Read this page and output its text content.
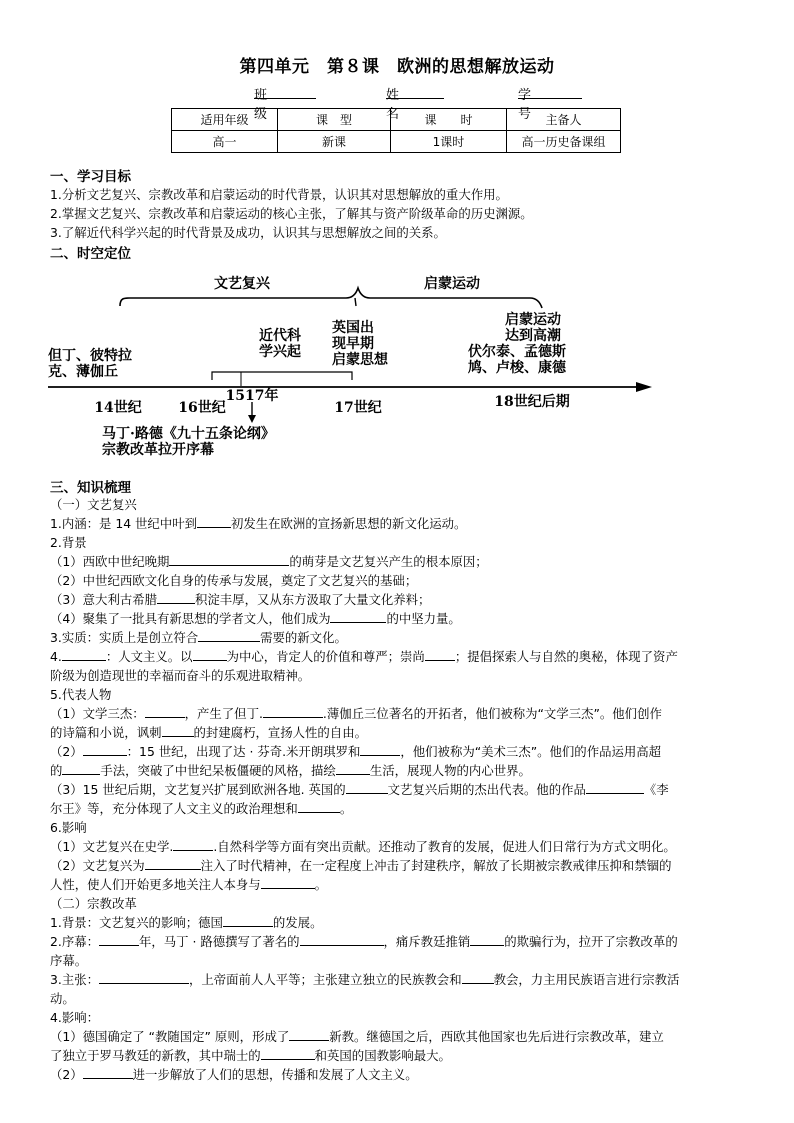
第四单元　第８课　欧洲的思想解放运动
班级
姓名
学号
适用年级	课　型	课　　时	主备人
高一	新课	1课时	高一历史备课组
一、学习目标
1.分析文艺复兴、宗教改革和启蒙运动的时代背景，认识其对思想解放的重大作用。
2.掌握文艺复兴、宗教改革和启蒙运动的核心主张，了解其与资产阶级革命的历史渊源。
3.了解近代科学兴起的时代背景及成功，认识其与思想解放之间的关系。
二、时空定位
文艺复兴	启蒙运动
启蒙运动
达到高潮
近代科
学兴起
英国出
现早期
启蒙思想
但丁、彼特拉
克、薄伽丘
伏尔泰、孟德斯
鸠、卢梭、康德
1517年
14世纪	16世纪	17世纪	18世纪后期
马丁·路德《九十五条论纲》
宗教改革拉开序幕
三、知识梳理
（一）文艺复兴
1.内涵：是 14 世纪中叶到	初发生在欧洲的宣扬新思想的新文化运动。
2.背景
（1）西欧中世纪晚期	的萌芽是文艺复兴产生的根本原因；
（2）中世纪西欧文化自身的传承与发展，奠定了文艺复兴的基础；
（3）意大利古希腊	积淀丰厚，又从东方汲取了大量文化养料；
（4）聚集了一批具有新思想的学者文人，他们成为	的中坚力量。
3.实质：实质上是创立符合	需要的新文化。
4.	：人文主义。以	为中心，肯定人的价值和尊严；崇尚 ；提倡探索人与自然的奥秘，体现了资产
阶级为创造现世的幸福而奋斗的乐观进取精神。
5.代表人物
（1）文学三杰：	，产生了但丁.	.薄伽丘三位著名的开拓者，他们被称为“文学三杰”。他们创作
的诗篇和小说，讽刺	的封建腐朽，宣扬人性的自由。
（2）	：15 世纪，出现了达 · 芬奇.米开朗琪罗和	，他们被称为“美术三杰”。他们的作品运用高超
的	手法，突破了中世纪呆板僵硬的风格，描绘	生活，展现人物的内心世界。
（3）15 世纪后期，文艺复兴扩展到欧洲各地. 英国的	文艺复兴后期的杰出代表。他的作品	《李
尔王》等，充分体现了人文主义的政治理想和	。
6.影响
（1）文艺复兴在史学.	.自然科学等方面有突出贡献。还推动了教育的发展，促进人们日常行为方式文明化。
（2）文艺复兴为	注入了时代精神，在一定程度上冲击了封建秩序，解放了长期被宗教戒律压抑和禁锢的
人性，使人们开始更多地关注人本身与	。
（二）宗教改革
1.背景：文艺复兴的影响；德国	的发展。
2.序幕：	年，马丁 · 路德撰写了著名的	，痛斥教廷推销	的欺骗行为，拉开了宗教改革的
序幕。
3.主张：	，上帝面前人人平等；主张建立独立的民族教会和	教会，力主用民族语言进行宗教活
动。
4.影响：
（1）德国确定了 “教随国定” 原则，形成了	新教。继德国之后，西欧其他国家也先后进行宗教改革，建立
了独立于罗马教廷的新教，其中瑞士的	和英国的国教影响最大。
（2）	进一步解放了人们的思想，传播和发展了人文主义。
